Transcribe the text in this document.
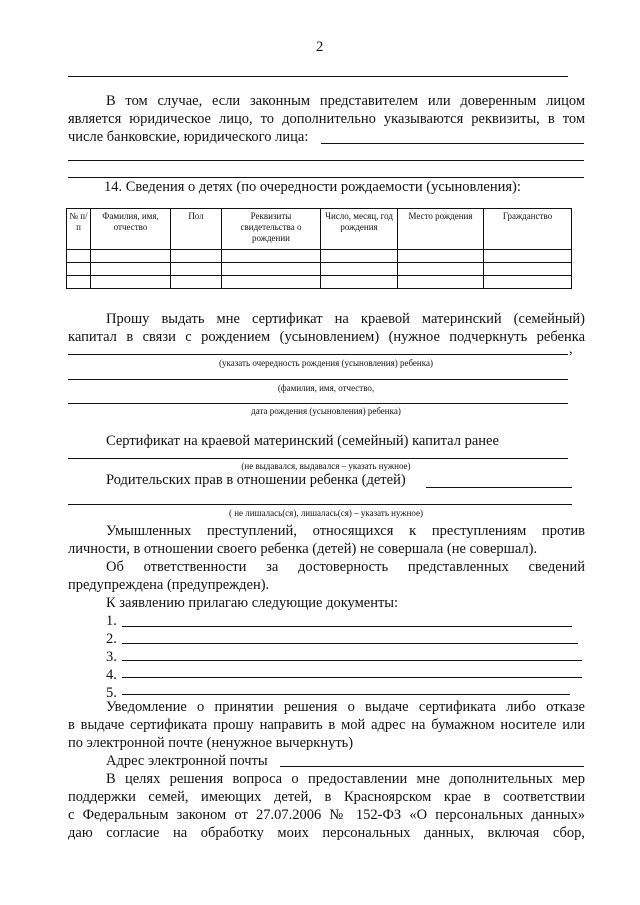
2
В том случае, если законным представителем или доверенным лицом
является юридическое лицо, то дополнительно указываются реквизиты, в том
числе банковские, юридического лица:
14. Сведения о детях (по очередности рождаемости (усыновления):
№ п/п	Фамилия, имя, отчество	Пол	Реквизиты свидетельства о рождении	Число, месяц, год рождения	Место рождения	Гражданство

Прошу выдать мне сертификат на краевой материнский (семейный)
капитал в связи с рождением (усыновлением) (нужное подчеркнуть ребенка
,
(указать очередность рождения (усыновления) ребенка)
(фамилия, имя, отчество,
дата рождения (усыновления) ребенка)
Сертификат на краевой материнский (семейный) капитал ранее
(не выдавался, выдавался – указать нужное)
Родительских прав в отношении ребенка (детей)
( не лишалась(ся), лишалась(ся) – указать нужное)
Умышленных преступлений, относящихся к преступлениям против
личности, в отношении своего ребенка (детей) не совершала (не совершал).
Об ответственности за достоверность представленных сведений
предупреждена (предупрежден).
К заявлению прилагаю следующие документы:
1.
2.
3.
4.
5.
Уведомление о принятии решения о выдаче сертификата либо отказе
в выдаче сертификата прошу направить в мой адрес на бумажном носителе или
по электронной почте (ненужное вычеркнуть)
Адрес электронной почты
В целях решения вопроса о предоставлении мне дополнительных мер
поддержки семей, имеющих детей, в Красноярском крае в соответствии
с Федеральным законом от 27.07.2006 № 152-ФЗ «О персональных данных»
даю согласие на обработку моих персональных данных, включая сбор,
